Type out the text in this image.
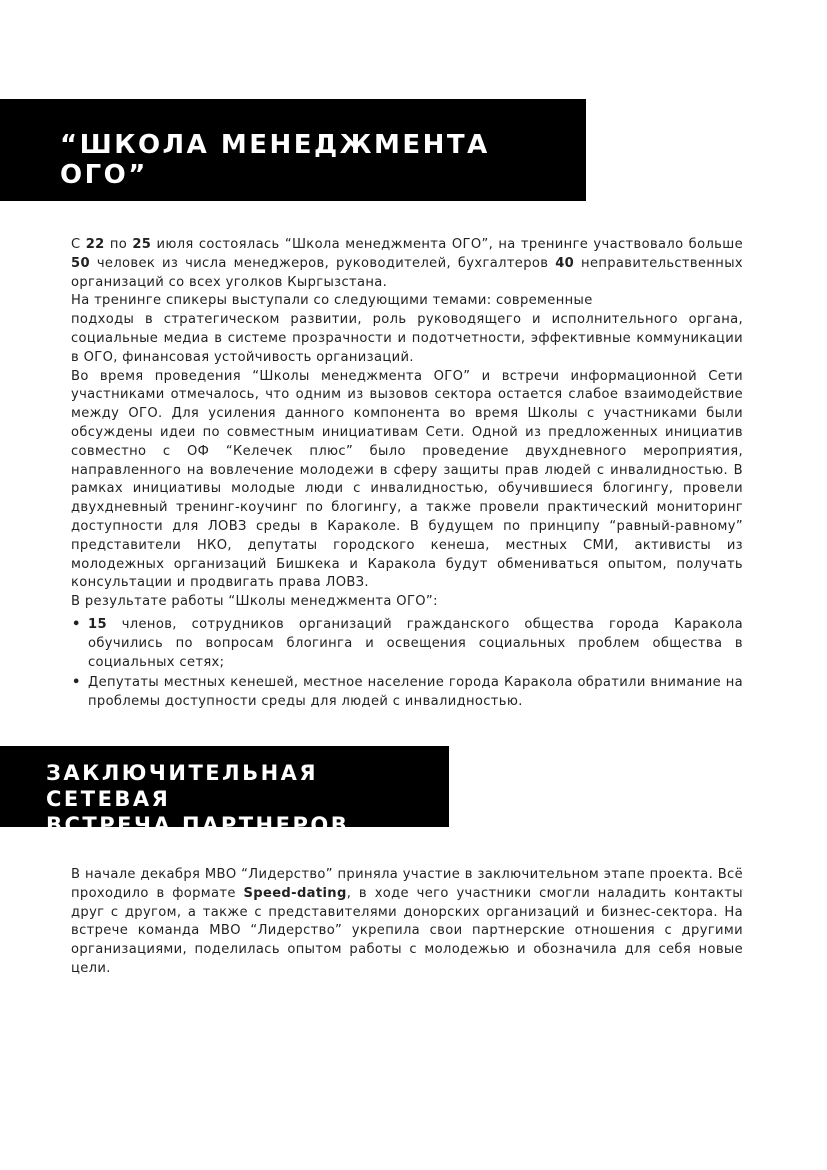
“ШКОЛА МЕНЕДЖМЕНТА ОГО”

С 22 по 25 июля состоялась “Школа менеджмента ОГО”, на тренинге участвовало больше 50 человек из числа менеджеров, руководителей, бухгалтеров 40 неправительственных организаций со всех уголков Кыргызстана.

На тренинге спикеры выступали со следующими темами: современные

подходы в стратегическом развитии, роль руководящего и исполнительного органа, социальные медиа в системе прозрачности и подотчетности, эффективные коммуникации в ОГО, финансовая устойчивость организаций.

Во время проведения “Школы менеджмента ОГО” и встречи информационной Сети участниками отмечалось, что одним из вызовов сектора остается слабое взаимодействие между ОГО. Для усиления данного компонента во время Школы с участниками были обсуждены идеи по совместным инициативам Сети. Одной из предложенных инициатив совместно с ОФ “Келечек плюс” было проведение двухдневного мероприятия, направленного на вовлечение молодежи в сферу защиты прав людей с инвалидностью. В рамках инициативы молодые люди с инвалидностью, обучившиеся блогингу, провели двухдневный тренинг-коучинг по блогингу, а также провели практический мониторинг доступности для ЛОВЗ среды в Караколе. В будущем по принципу “равный-равному” представители НКО, депутаты городского кенеша, местных СМИ, активисты из молодежных организаций Бишкека и Каракола будут обмениваться опытом, получать консультации и продвигать права ЛОВЗ.

В результате работы “Школы менеджмента ОГО”:

• 15 членов, сотрудников организаций гражданского общества города Каракола обучились по вопросам блогинга и освещения социальных проблем общества в социальных сетях;
• Депутаты местных кенешей, местное население города Каракола обратили внимание на проблемы доступности среды для людей с инвалидностью.
ЗАКЛЮЧИТЕЛЬНАЯ СЕТЕВАЯ
ВСТРЕЧА ПАРТНЕРОВ

В начале декабря МВО “Лидерство” приняла участие в заключительном этапе проекта. Всё проходило в формате Speed-dating, в ходе чего участники смогли наладить контакты друг с другом, а также с представителями донорских организаций и бизнес-сектора. На встрече команда МВО “Лидерство” укрепила свои партнерские отношения с другими организациями, поделилась опытом работы с молодежью и обозначила для себя новые цели.
